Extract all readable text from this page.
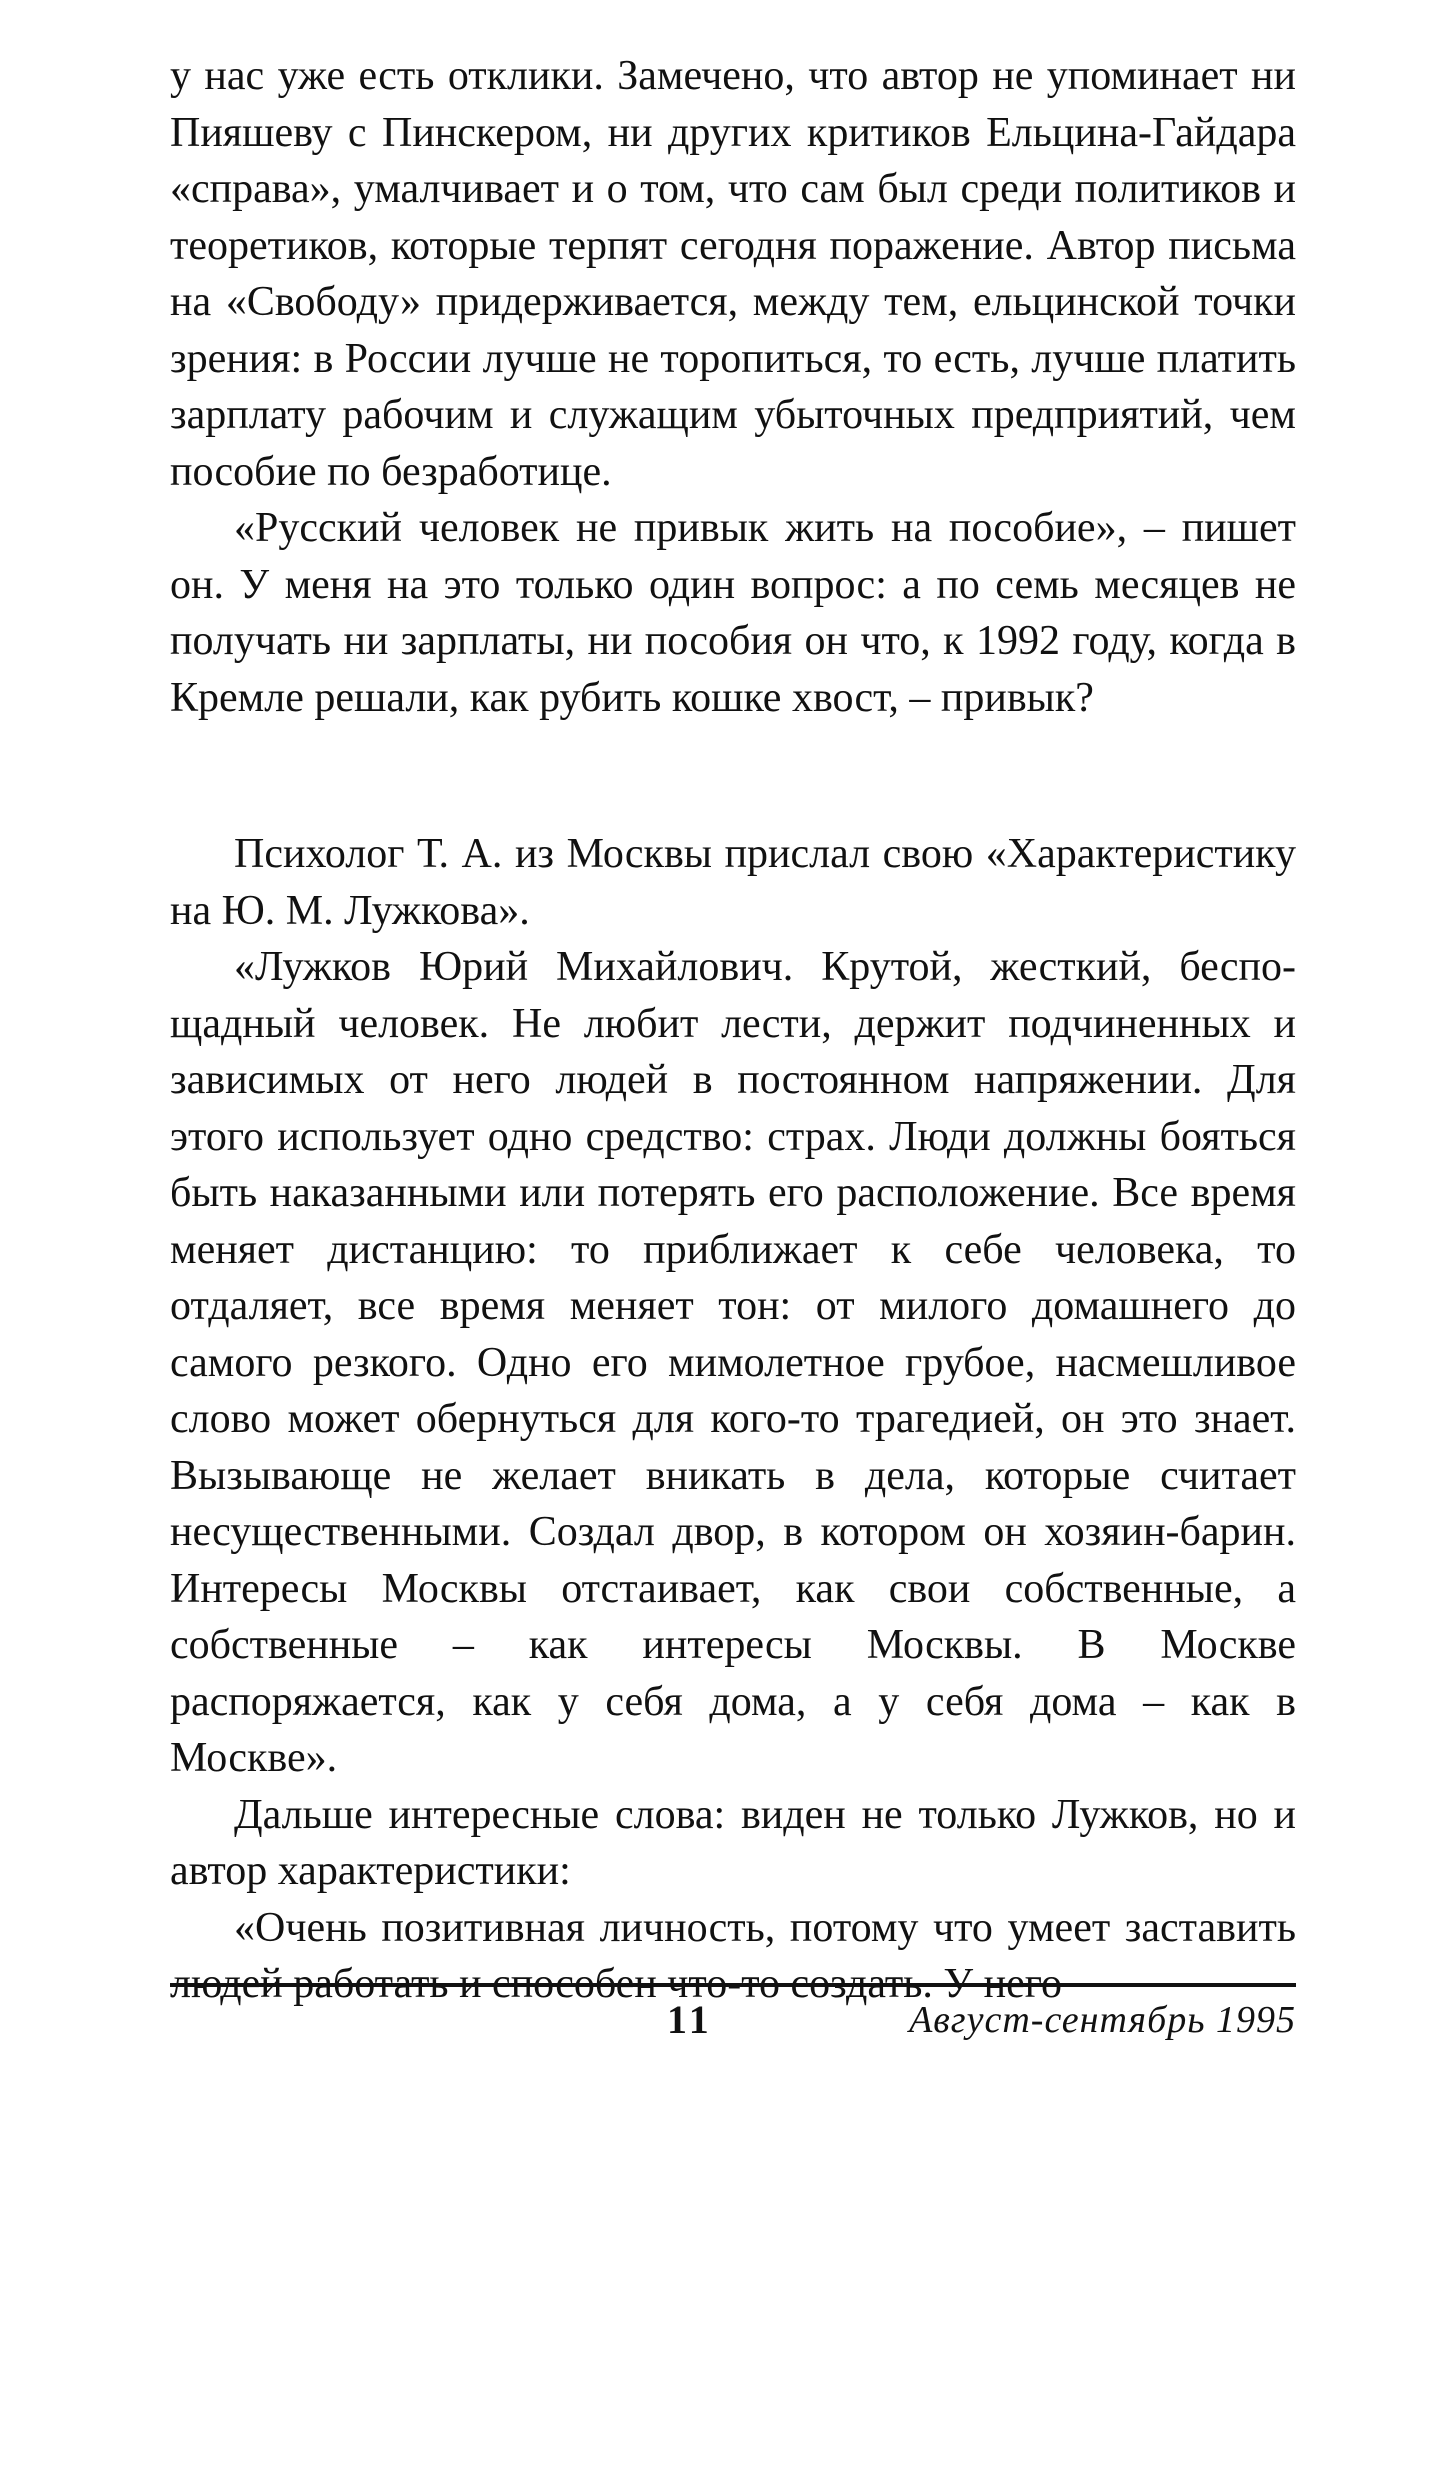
у нас уже есть отклики. Замечено, что автор не упоминает ни Пияшеву с Пинскером, ни других критиков Ельцина-Гайдара «справа», умалчивает и о том, что сам был среди политиков и теоретиков, которые терпят сегодня поражение. Автор письма на «Свободу» придерживается, между тем, ельцинской точки зрения: в России лучше не торопиться, то есть, лучше платить зарплату рабочим и служащим убыточных предприятий, чем пособие по безработице.

«Русский человек не привык жить на пособие», – пишет он. У меня на это только один вопрос: а по семь месяцев не получать ни зарплаты, ни пособия он что, к 1992 году, когда в Кремле решали, как рубить кошке хвост, – привык?

Психолог Т. А. из Москвы прислал свою «Характеристику на Ю. М. Лужкова».

«Лужков Юрий Михайлович. Крутой, жесткий, беспощадный человек. Не любит лести, держит подчиненных и зависимых от него людей в постоянном напряжении. Для этого использует одно средство: страх. Люди должны бояться быть наказанными или потерять его расположение. Все время меняет дистанцию: то приближает к себе человека, то отдаляет, все время меняет тон: от милого домашнего до самого резкого. Одно его мимолетное грубое, насмешливое слово может обернуться для кого-то трагедией, он это знает. Вызывающе не желает вникать в дела, которые считает несущественными. Создал двор, в котором он хозяин-барин. Интересы Москвы отстаивает, как свои собственные, а собственные – как интересы Москвы. В Москве распоряжается, как у себя дома, а у себя дома – как в Москве».

Дальше интересные слова: виден не только Лужков, но и автор характеристики:

«Очень позитивная личность, потому что умеет заставить людей работать и способен что-то создать. У него

11	Август-сентябрь 1995
